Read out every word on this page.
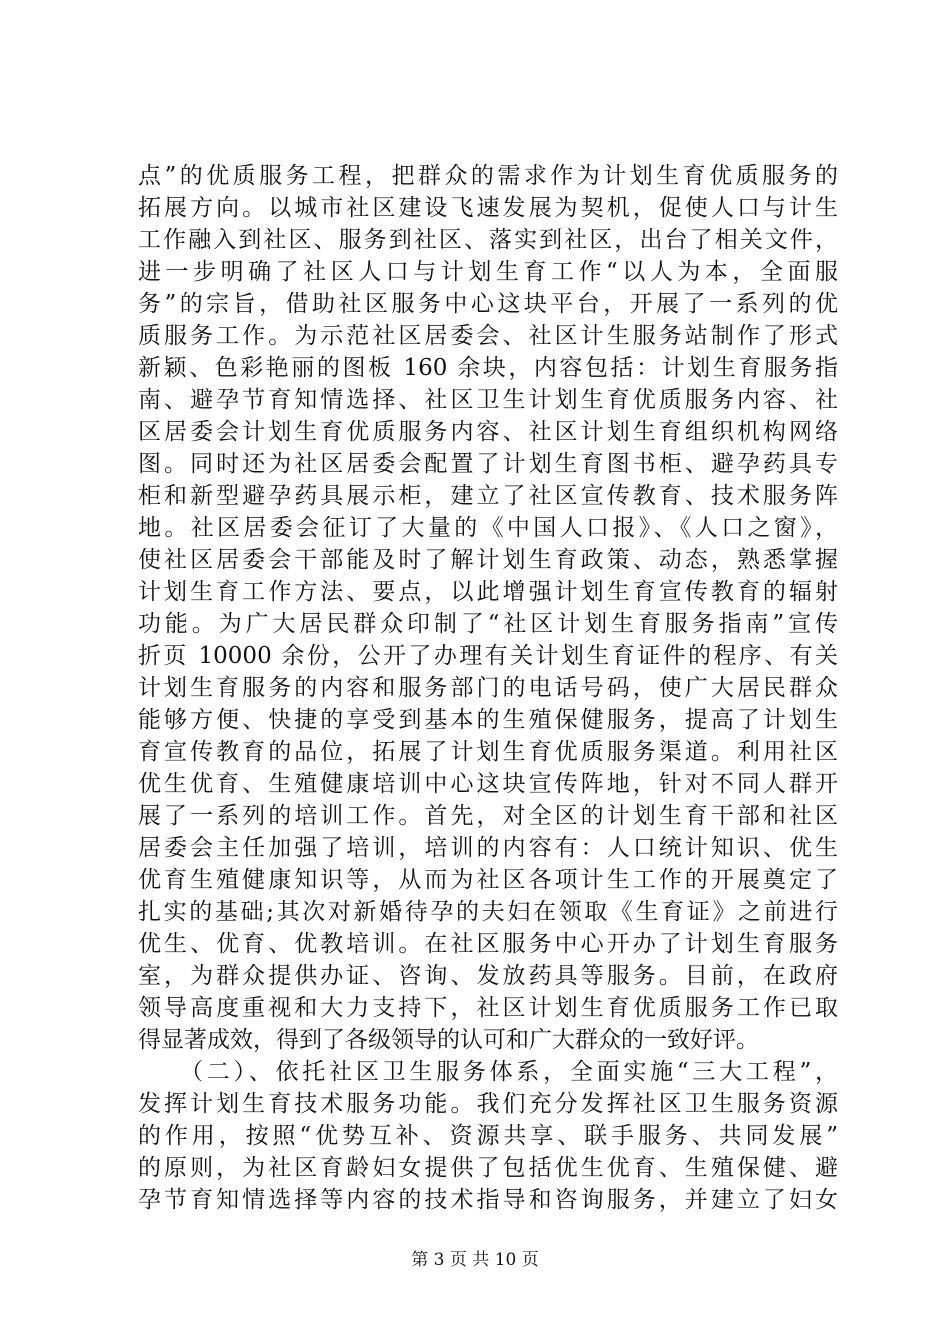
点”的优质服务工程，把群众的需求作为计划生育优质服务的
拓展方向。以城市社区建设飞速发展为契机，促使人口与计生
工作融入到社区、服务到社区、落实到社区，出台了相关文件，
进一步明确了社区人口与计划生育工作“以人为本，全面服
务”的宗旨，借助社区服务中心这块平台，开展了一系列的优
质服务工作。为示范社区居委会、社区计生服务站制作了形式
新颖、色彩艳丽的图板 160 余块，内容包括：计划生育服务指
南、避孕节育知情选择、社区卫生计划生育优质服务内容、社
区居委会计划生育优质服务内容、社区计划生育组织机构网络
图。同时还为社区居委会配置了计划生育图书柜、避孕药具专
柜和新型避孕药具展示柜，建立了社区宣传教育、技术服务阵
地。社区居委会征订了大量的《中国人口报》、《人口之窗》，
使社区居委会干部能及时了解计划生育政策、动态，熟悉掌握
计划生育工作方法、要点，以此增强计划生育宣传教育的辐射
功能。为广大居民群众印制了“社区计划生育服务指南”宣传
折页 10000 余份，公开了办理有关计划生育证件的程序、有关
计划生育服务的内容和服务部门的电话号码，使广大居民群众
能够方便、快捷的享受到基本的生殖保健服务，提高了计划生
育宣传教育的品位，拓展了计划生育优质服务渠道。利用社区
优生优育、生殖健康培训中心这块宣传阵地，针对不同人群开
展了一系列的培训工作。首先，对全区的计划生育干部和社区
居委会主任加强了培训，培训的内容有：人口统计知识、优生
优育生殖健康知识等，从而为社区各项计生工作的开展奠定了
扎实的基础;其次对新婚待孕的夫妇在领取《生育证》之前进行
优生、优育、优教培训。在社区服务中心开办了计划生育服务
室，为群众提供办证、咨询、发放药具等服务。目前，在政府
领导高度重视和大力支持下，社区计划生育优质服务工作已取
得显著成效，得到了各级领导的认可和广大群众的一致好评。
　　（二）、依托社区卫生服务体系，全面实施“三大工程”，
发挥计划生育技术服务功能。我们充分发挥社区卫生服务资源
的作用，按照“优势互补、资源共享、联手服务、共同发展”
的原则，为社区育龄妇女提供了包括优生优育、生殖保健、避
孕节育知情选择等内容的技术指导和咨询服务，并建立了妇女
第 3 页 共 10 页
